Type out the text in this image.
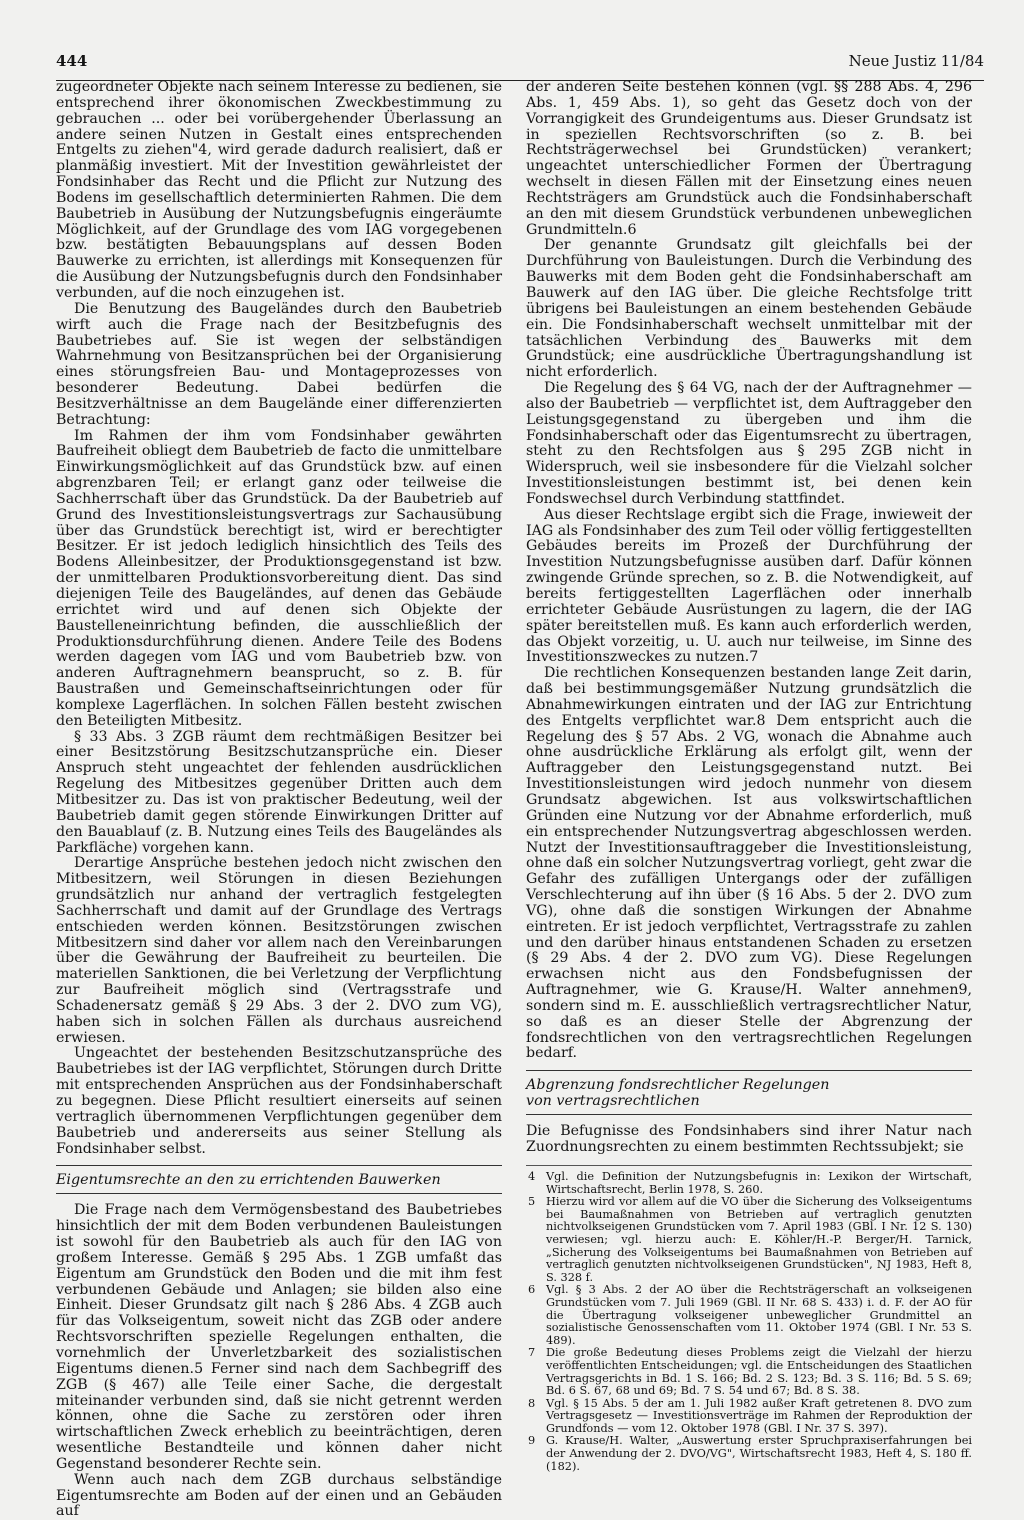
444	Neue Justiz 11/84

zugeordneter Objekte nach seinem Interesse zu bedienen, sie entsprechend ihrer ökonomischen Zweckbestimmung zu gebrauchen ... oder bei vorübergehender Überlassung an andere seinen Nutzen in Gestalt eines entsprechenden Entgelts zu ziehen"4, wird gerade dadurch realisiert, daß er planmäßig investiert. Mit der Investition gewährleistet der Fondsinhaber das Recht und die Pflicht zur Nutzung des Bodens im gesellschaftlich determinierten Rahmen. Die dem Baubetrieb in Ausübung der Nutzungsbefugnis eingeräumte Möglichkeit, auf der Grundlage des vom IAG vorgegebenen bzw. bestätigten Bebauungsplans auf dessen Boden Bauwerke zu errichten, ist allerdings mit Konsequenzen für die Ausübung der Nutzungsbefugnis durch den Fondsinhaber verbunden, auf die noch einzugehen ist.

Die Benutzung des Baugeländes durch den Baubetrieb wirft auch die Frage nach der Besitzbefugnis des Baubetriebes auf. Sie ist wegen der selbständigen Wahrnehmung von Besitzansprüchen bei der Organisierung eines störungsfreien Bau- und Montageprozesses von besonderer Bedeutung. Dabei bedürfen die Besitzverhältnisse an dem Baugelände einer differenzierten Betrachtung:

Im Rahmen der ihm vom Fondsinhaber gewährten Baufreiheit obliegt dem Baubetrieb de facto die unmittelbare Einwirkungsmöglichkeit auf das Grundstück bzw. auf einen abgrenzbaren Teil; er erlangt ganz oder teilweise die Sachherrschaft über das Grundstück. Da der Baubetrieb auf Grund des Investitionsleistungsvertrags zur Sachausübung über das Grundstück berechtigt ist, wird er berechtigter Besitzer. Er ist jedoch lediglich hinsichtlich des Teils des Bodens Alleinbesitzer, der Produktionsgegenstand ist bzw. der unmittelbaren Produktionsvorbereitung dient. Das sind diejenigen Teile des Baugeländes, auf denen das Gebäude errichtet wird und auf denen sich Objekte der Baustelleneinrichtung befinden, die ausschließlich der Produktionsdurchführung dienen. Andere Teile des Bodens werden dagegen vom IAG und vom Baubetrieb bzw. von anderen Auftragnehmern beansprucht, so z. B. für Baustraßen und Gemeinschaftseinrichtungen oder für komplexe Lagerflächen. In solchen Fällen besteht zwischen den Beteiligten Mitbesitz.

§ 33 Abs. 3 ZGB räumt dem rechtmäßigen Besitzer bei einer Besitzstörung Besitzschutzansprüche ein. Dieser Anspruch steht ungeachtet der fehlenden ausdrücklichen Regelung des Mitbesitzes gegenüber Dritten auch dem Mitbesitzer zu. Das ist von praktischer Bedeutung, weil der Baubetrieb damit gegen störende Einwirkungen Dritter auf den Bauablauf (z. B. Nutzung eines Teils des Baugeländes als Parkfläche) vorgehen kann.

Derartige Ansprüche bestehen jedoch nicht zwischen den Mitbesitzern, weil Störungen in diesen Beziehungen grundsätzlich nur anhand der vertraglich festgelegten Sachherrschaft und damit auf der Grundlage des Vertrags entschieden werden können. Besitzstörungen zwischen Mitbesitzern sind daher vor allem nach den Vereinbarungen über die Gewährung der Baufreiheit zu beurteilen. Die materiellen Sanktionen, die bei Verletzung der Verpflichtung zur Baufreiheit möglich sind (Vertragsstrafe und Schadenersatz gemäß § 29 Abs. 3 der 2. DVO zum VG), haben sich in solchen Fällen als durchaus ausreichend erwiesen.

Ungeachtet der bestehenden Besitzschutzansprüche des Baubetriebes ist der IAG verpflichtet, Störungen durch Dritte mit entsprechenden Ansprüchen aus der Fondsinhaberschaft zu begegnen. Diese Pflicht resultiert einerseits auf seinen vertraglich übernommenen Verpflichtungen gegenüber dem Baubetrieb und andererseits aus seiner Stellung als Fondsinhaber selbst.

Eigentumsrechte an den zu errichtenden Bauwerken

Die Frage nach dem Vermögensbestand des Baubetriebes hinsichtlich der mit dem Boden verbundenen Bauleistungen ist sowohl für den Baubetrieb als auch für den IAG von großem Interesse. Gemäß § 295 Abs. 1 ZGB umfaßt das Eigentum am Grundstück den Boden und die mit ihm fest verbundenen Gebäude und Anlagen; sie bilden also eine Einheit. Dieser Grundsatz gilt nach § 286 Abs. 4 ZGB auch für das Volkseigentum, soweit nicht das ZGB oder andere Rechtsvorschriften spezielle Regelungen enthalten, die vornehmlich der Unverletzbarkeit des sozialistischen Eigentums dienen.5 Ferner sind nach dem Sachbegriff des ZGB (§ 467) alle Teile einer Sache, die dergestalt miteinander verbunden sind, daß sie nicht getrennt werden können, ohne die Sache zu zerstören oder ihren wirtschaftlichen Zweck erheblich zu beeinträchtigen, deren wesentliche Bestandteile und können daher nicht Gegenstand besonderer Rechte sein.

Wenn auch nach dem ZGB durchaus selbständige Eigentumsrechte am Boden auf der einen und an Gebäuden auf

der anderen Seite bestehen können (vgl. §§ 288 Abs. 4, 296 Abs. 1, 459 Abs. 1), so geht das Gesetz doch von der Vorrangigkeit des Grundeigentums aus. Dieser Grundsatz ist in speziellen Rechtsvorschriften (so z. B. bei Rechtsträgerwechsel bei Grundstücken) verankert; ungeachtet unterschiedlicher Formen der Übertragung wechselt in diesen Fällen mit der Einsetzung eines neuen Rechtsträgers am Grundstück auch die Fondsinhaberschaft an den mit diesem Grundstück verbundenen unbeweglichen Grundmitteln.6

Der genannte Grundsatz gilt gleichfalls bei der Durchführung von Bauleistungen. Durch die Verbindung des Bauwerks mit dem Boden geht die Fondsinhaberschaft am Bauwerk auf den IAG über. Die gleiche Rechtsfolge tritt übrigens bei Bauleistungen an einem bestehenden Gebäude ein. Die Fondsinhaberschaft wechselt unmittelbar mit der tatsächlichen Verbindung des Bauwerks mit dem Grundstück; eine ausdrückliche Übertragungshandlung ist nicht erforderlich.

Die Regelung des § 64 VG, nach der der Auftragnehmer — also der Baubetrieb — verpflichtet ist, dem Auftraggeber den Leistungsgegenstand zu übergeben und ihm die Fondsinhaberschaft oder das Eigentumsrecht zu übertragen, steht zu den Rechtsfolgen aus § 295 ZGB nicht in Widerspruch, weil sie insbesondere für die Vielzahl solcher Investitionsleistungen bestimmt ist, bei denen kein Fondswechsel durch Verbindung stattfindet.

Aus dieser Rechtslage ergibt sich die Frage, inwieweit der IAG als Fondsinhaber des zum Teil oder völlig fertiggestellten Gebäudes bereits im Prozeß der Durchführung der Investition Nutzungsbefugnisse ausüben darf. Dafür können zwingende Gründe sprechen, so z. B. die Notwendigkeit, auf bereits fertiggestellten Lagerflächen oder innerhalb errichteter Gebäude Ausrüstungen zu lagern, die der IAG später bereitstellen muß. Es kann auch erforderlich werden, das Objekt vorzeitig, u. U. auch nur teilweise, im Sinne des Investitionszweckes zu nutzen.7

Die rechtlichen Konsequenzen bestanden lange Zeit darin, daß bei bestimmungsgemäßer Nutzung grundsätzlich die Abnahmewirkungen eintraten und der IAG zur Entrichtung des Entgelts verpflichtet war.8 Dem entspricht auch die Regelung des § 57 Abs. 2 VG, wonach die Abnahme auch ohne ausdrückliche Erklärung als erfolgt gilt, wenn der Auftraggeber den Leistungsgegenstand nutzt. Bei Investitionsleistungen wird jedoch nunmehr von diesem Grundsatz abgewichen. Ist aus volkswirtschaftlichen Gründen eine Nutzung vor der Abnahme erforderlich, muß ein entsprechender Nutzungsvertrag abgeschlossen werden. Nutzt der Investitionsauftraggeber die Investitionsleistung, ohne daß ein solcher Nutzungsvertrag vorliegt, geht zwar die Gefahr des zufälligen Untergangs oder der zufälligen Verschlechterung auf ihn über (§ 16 Abs. 5 der 2. DVO zum VG), ohne daß die sonstigen Wirkungen der Abnahme eintreten. Er ist jedoch verpflichtet, Vertragsstrafe zu zahlen und den darüber hinaus entstandenen Schaden zu ersetzen (§ 29 Abs. 4 der 2. DVO zum VG). Diese Regelungen erwachsen nicht aus den Fondsbefugnissen der Auftragnehmer, wie G. Krause/H. Walter annehmen9, sondern sind m. E. ausschließlich vertragsrechtlicher Natur, so daß es an dieser Stelle der Abgrenzung der fondsrechtlichen von den vertragsrechtlichen Regelungen bedarf.

Abgrenzung fondsrechtlicher Regelungen
von vertragsrechtlichen

Die Befugnisse des Fondsinhabers sind ihrer Natur nach Zuordnungsrechten zu einem bestimmten Rechtssubjekt; sie

4 Vgl. die Definition der Nutzungsbefugnis in: Lexikon der Wirtschaft, Wirtschaftsrecht, Berlin 1978, S. 260.
5 Hierzu wird vor allem auf die VO über die Sicherung des Volkseigentums bei Baumaßnahmen von Betrieben auf vertraglich genutzten nichtvolkseigenen Grundstücken vom 7. April 1983 (GBl. I Nr. 12 S. 130) verwiesen; vgl. hierzu auch: E. Köhler/H.-P. Berger/H. Tarnick, „Sicherung des Volkseigentums bei Baumaßnahmen von Betrieben auf vertraglich genutzten nichtvolkseigenen Grundstücken", NJ 1983, Heft 8, S. 328 f.
6 Vgl. § 3 Abs. 2 der AO über die Rechtsträgerschaft an volkseigenen Grundstücken vom 7. Juli 1969 (GBl. II Nr. 68 S. 433) i. d. F. der AO für die Übertragung volkseigener unbeweglicher Grundmittel an sozialistische Genossenschaften vom 11. Oktober 1974 (GBl. I Nr. 53 S. 489).
7 Die große Bedeutung dieses Problems zeigt die Vielzahl der hierzu veröffentlichten Entscheidungen; vgl. die Entscheidungen des Staatlichen Vertragsgerichts in Bd. 1 S. 166; Bd. 2 S. 123; Bd. 3 S. 116; Bd. 5 S. 69; Bd. 6 S. 67, 68 und 69; Bd. 7 S. 54 und 67; Bd. 8 S. 38.
8 Vgl. § 15 Abs. 5 der am 1. Juli 1982 außer Kraft getretenen 8. DVO zum Vertragsgesetz — Investitionsverträge im Rahmen der Reproduktion der Grundfonds — vom 12. Oktober 1978 (GBl. I Nr. 37 S. 397).
9 G. Krause/H. Walter, „Auswertung erster Spruchpraxiserfahrungen bei der Anwendung der 2. DVO/VG", Wirtschaftsrecht 1983, Heft 4, S. 180 ff. (182).
